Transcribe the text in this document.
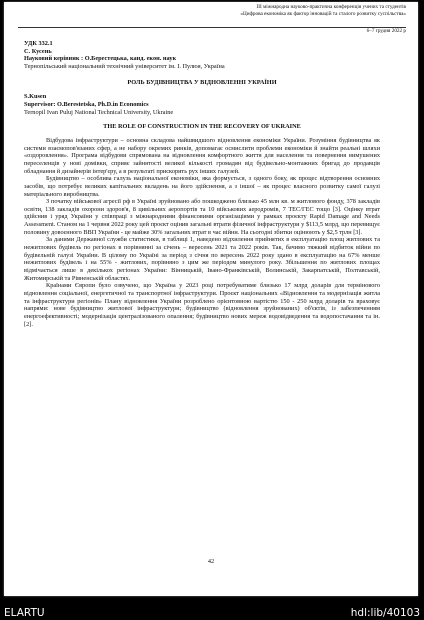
ІІІ міжнародна науково-практична конференція учених та студентів
«Цифрова економіка як фактор інновацій та сталого розвитку суспільства»
6–7 грудня 2022 р
УДК 332.1
С. Кусень
Науковий керівник : О.Берестецька, канд. екон. наук
Тернопільський національний технічний університет ім. І. Пулюя, Україна
РОЛЬ БУДІВНИЦТВА У ВІДНОВЛЕННІ УКРАЇНИ
S.Kusen
Supervisor: O.Berestetska, Ph.D.in Economics
Ternopil Ivan Puluj National Technical University, Ukraine
THE ROLE OF CONSTRUCTION IN THE RECOVERY OF UKRAINE

Відбудова інфраструктури – основна складова найшвидшого відновлення економіки України. Розуміння будівництва як системи взаємопов'язаних сфер, а не набору окремих ринків, допомагає осмислити проблеми економіки й знайти реальні шляхи «оздоровлення». Програма відбудови спрямована на відновлення комфортного життя для населення та повернення вимушених переселенців у нові домівки, сприяє зайнятості великої кількості громадян від будівельно-монтажних бригад до продавців обладнання й дизайнерів інтер'єру, а в результаті прискорить рух інших галузей.

Будівництво – особлива галузь національної економіки, яка формується, з одного боку, як процес відтворення основних засобів, що потребує великих капітальних вкладень на його здійснення, а з іншої – як процес власного розвитку самої галузі матеріального виробництва.

З початку військової агресії рф в Україні зруйновано або пошкоджено близько 45 млн кв. м житлового фонду, 378 закладів освіти, 138 закладів охорони здоров'я, 8 цивільних аеропортів та 10 військових аеродромів, 7 ТЕС/ГЕС тощо [3]. Оцінку втрат здійснив і уряд України у співпраці з міжнародними фінансовими організаціями у рамках проєкту Rapid Damage and Needs Assessment. Станом на 1 червня 2022 року цей проєкт оцінив загальні втрати фізичної інфраструктури у $113,5 млрд, що перевищує половину довоєнного ВВП України - це майже 30% загальних втрат в час війни. На сьогодні збитки оцінюють у $2,5 трлн [3].

За даними Державної служби статистики, в таблиці 1, наведено відхилення прийнятих в експлуатацію площ житлових та нежитлових будівель по регіонах в порівнянні за січень – вересень 2021 та 2022 років. Так, бачимо тяжкий відбиток війни по будівельній галузі України. В цілому по Україні за період з січня по вересень 2022 року здано в експлуатацію на 67% менше нежитлових будівель і на 55% - житлових, порівняно з цим же періодом минулого року. Збільшення по житлових площах відмічається лише в декількох регіонах України: Вінницькій, Івано-Франківській, Волинській, Закарпатській, Полтавській, Житомирській та Рівненській областях.

Країнами Європи було озвучено, що Україна у 2023 році потребуватиме близько 17 млрд доларів для термінового відновлення соціальної, енергетичної та транспортної інфраструктури. Проєкт національних «Відновлення та модернізація житла та інфраструктури регіонів» Плану відновлення України розроблено орієнтовною вартістю 150 - 250 млрд доларів та враховує напрями: нове будівництво житлової інфраструктури; будівництво (відновлення зруйнованих) об'єктів, із забезпеченням енергоефективності; модернізація централізованого опалення; будівництво нових мереж водовідведення та водопостачання та ін. [2].

42
ELARTU	hdl:lib/40103
